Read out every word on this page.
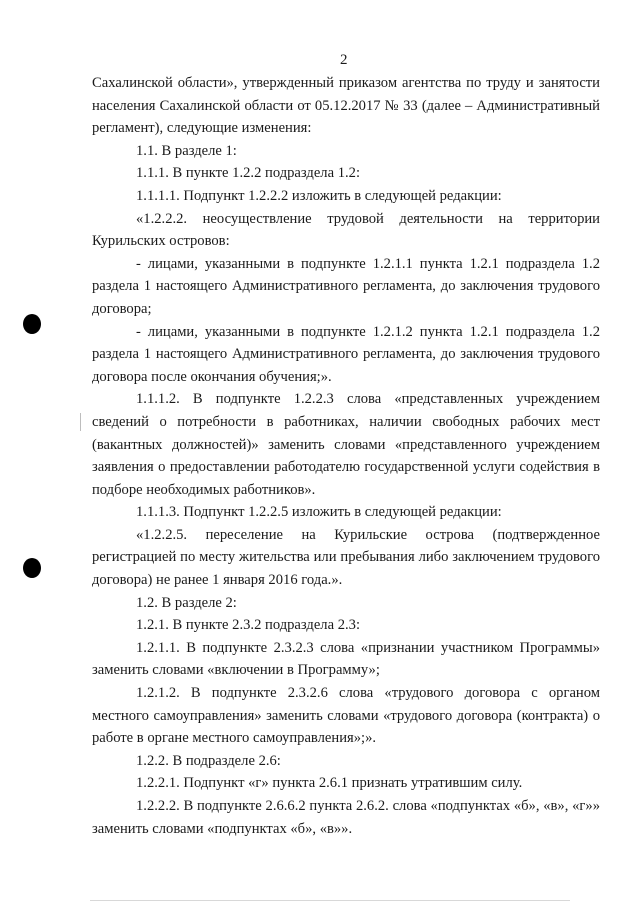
2

Сахалинской области», утвержденный приказом агентства по труду и занятости населения Сахалинской области от 05.12.2017 № 33 (далее – Административный регламент), следующие изменения:

1.1. В разделе 1:

1.1.1. В пункте 1.2.2 подраздела 1.2:

1.1.1.1. Подпункт 1.2.2.2 изложить в следующей редакции:

«1.2.2.2. неосуществление трудовой деятельности на территории Курильских островов:

- лицами, указанными в подпункте 1.2.1.1 пункта 1.2.1 подраздела 1.2 раздела 1 настоящего Административного регламента, до заключения трудового договора;

- лицами, указанными в подпункте 1.2.1.2 пункта 1.2.1 подраздела 1.2 раздела 1 настоящего Административного регламента, до заключения трудового договора после окончания обучения;».

1.1.1.2. В подпункте 1.2.2.3 слова «представленных учреждением сведений о потребности в работниках, наличии свободных рабочих мест (вакантных должностей)» заменить словами «представленного учреждением заявления о предоставлении работодателю государственной услуги содействия в подборе необходимых работников».

1.1.1.3. Подпункт 1.2.2.5 изложить в следующей редакции:

«1.2.2.5. переселение на Курильские острова (подтвержденное регистрацией по месту жительства или пребывания либо заключением трудового договора) не ранее 1 января 2016 года.».

1.2. В разделе 2:

1.2.1. В пункте 2.3.2 подраздела 2.3:

1.2.1.1. В подпункте 2.3.2.3 слова «признании участником Программы» заменить словами «включении в Программу»;

1.2.1.2. В подпункте 2.3.2.6 слова «трудового договора с органом местного самоуправления» заменить словами «трудового договора (контракта) о работе в органе местного самоуправления»;».

1.2.2. В подразделе 2.6:

1.2.2.1. Подпункт «г» пункта 2.6.1 признать утратившим силу.

1.2.2.2. В подпункте 2.6.6.2 пункта 2.6.2. слова «подпунктах «б», «в», «г»» заменить словами «подпунктах «б», «в»».
